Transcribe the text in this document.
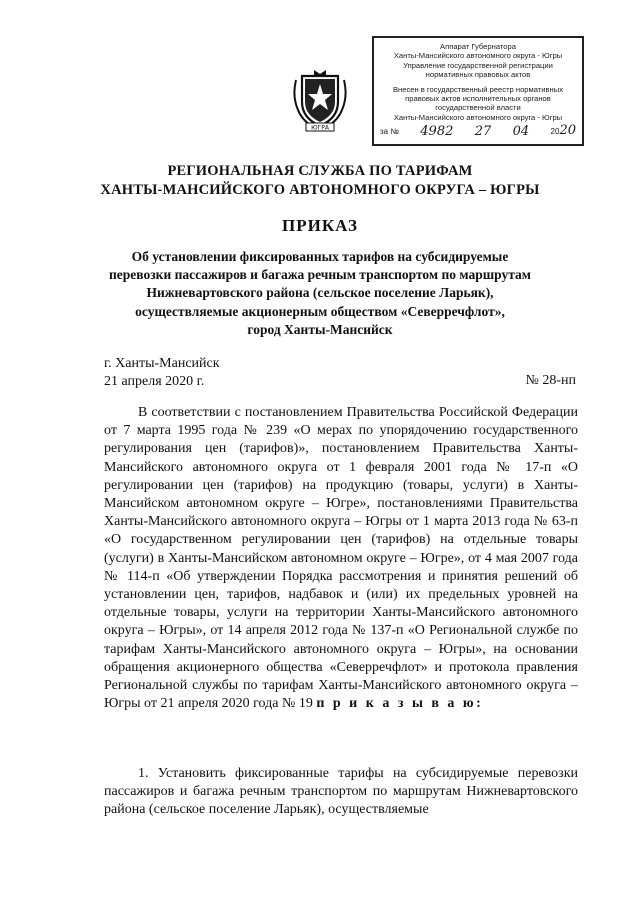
Аппарат Губернатора
Ханты-Мансийского автономного округа - Югры
Управление государственной регистрации
нормативных правовых актов
Внесен в государственный реестр нормативных
правовых актов исполнительных органов
государственной власти
Ханты-Мансийского автономного округа - Югры
за № 4982 27 04	2020
ЮГРА
РЕГИОНАЛЬНАЯ СЛУЖБА ПО ТАРИФАМ
ХАНТЫ-МАНСИЙСКОГО АВТОНОМНОГО ОКРУГА – ЮГРЫ
ПРИКАЗ
Об установлении фиксированных тарифов на субсидируемые
перевозки пассажиров и багажа речным транспортом по маршрутам
Нижневартовского района (сельское поселение Ларьяк),
осуществляемые акционерным обществом «Северречфлот»,
город Ханты-Мансийск
г. Ханты-Мансийск
21 апреля 2020 г.	№ 28-нп
В соответствии с постановлением Правительства Российской Федерации от 7 марта 1995 года № 239 «О мерах по упорядочению государственного регулирования цен (тарифов)», постановлением Правительства Ханты-Мансийского автономного округа от 1 февраля 2001 года № 17-п «О регулировании цен (тарифов) на продукцию (товары, услуги) в Ханты-Мансийском автономном округе – Югре», постановлениями Правительства Ханты-Мансийского автономного округа – Югры от 1 марта 2013 года № 63-п «О государственном регулировании цен (тарифов) на отдельные товары (услуги) в Ханты-Мансийском автономном округе – Югре», от 4 мая 2007 года № 114-п «Об утверждении Порядка рассмотрения и принятия решений об установлении цен, тарифов, надбавок и (или) их предельных уровней на отдельные товары, услуги на территории Ханты-Мансийского автономного округа – Югры», от 14 апреля 2012 года № 137-п «О Региональной службе по тарифам Ханты-Мансийского автономного округа – Югры», на основании обращения акционерного общества «Северречфлот» и протокола правления Региональной службы по тарифам Ханты-Мансийского автономного округа – Югры от 21 апреля 2020 года № 19 п р и к а з ы в а ю:
1. Установить фиксированные тарифы на субсидируемые перевозки пассажиров и багажа речным транспортом по маршрутам Нижневартовского района (сельское поселение Ларьяк), осуществляемые
